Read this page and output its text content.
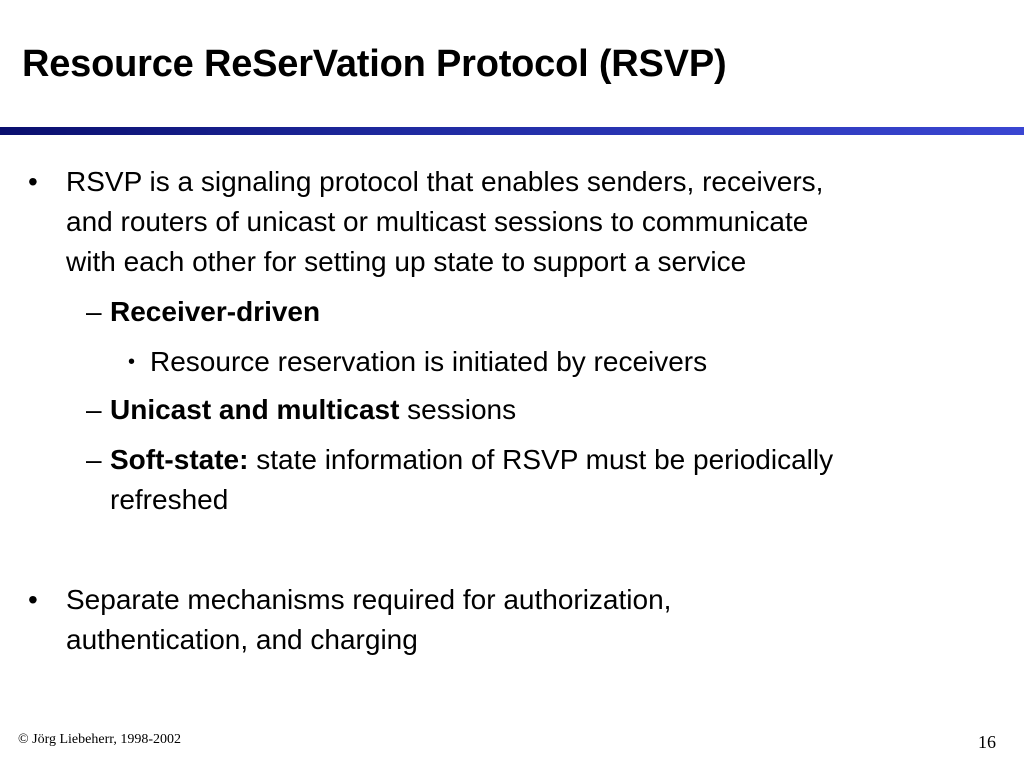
Resource ReSerVation Protocol (RSVP)
• RSVP is a signaling protocol that enables senders, receivers,
and routers of unicast or multicast sessions to communicate
with each other for setting up state to support a service
– Receiver-driven
• Resource reservation is initiated by receivers
– Unicast and multicast sessions
– Soft-state: state information of RSVP must be periodically
refreshed
• Separate mechanisms required for authorization,
authentication, and charging
© Jörg Liebeherr, 1998-2002	16
